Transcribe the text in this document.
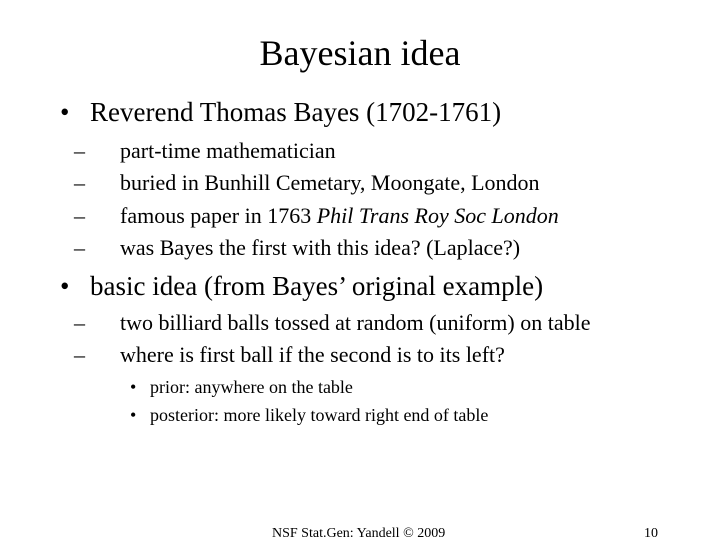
Bayesian idea
• Reverend Thomas Bayes (1702-1761)
– part-time mathematician
– buried in Bunhill Cemetary, Moongate, London
– famous paper in 1763 Phil Trans Roy Soc London
– was Bayes the first with this idea? (Laplace?)
• basic idea (from Bayes’ original example)
– two billiard balls tossed at random (uniform) on table
– where is first ball if the second is to its left?
• prior: anywhere on the table
• posterior: more likely toward right end of table
NSF Stat.Gen: Yandell © 2009	10
